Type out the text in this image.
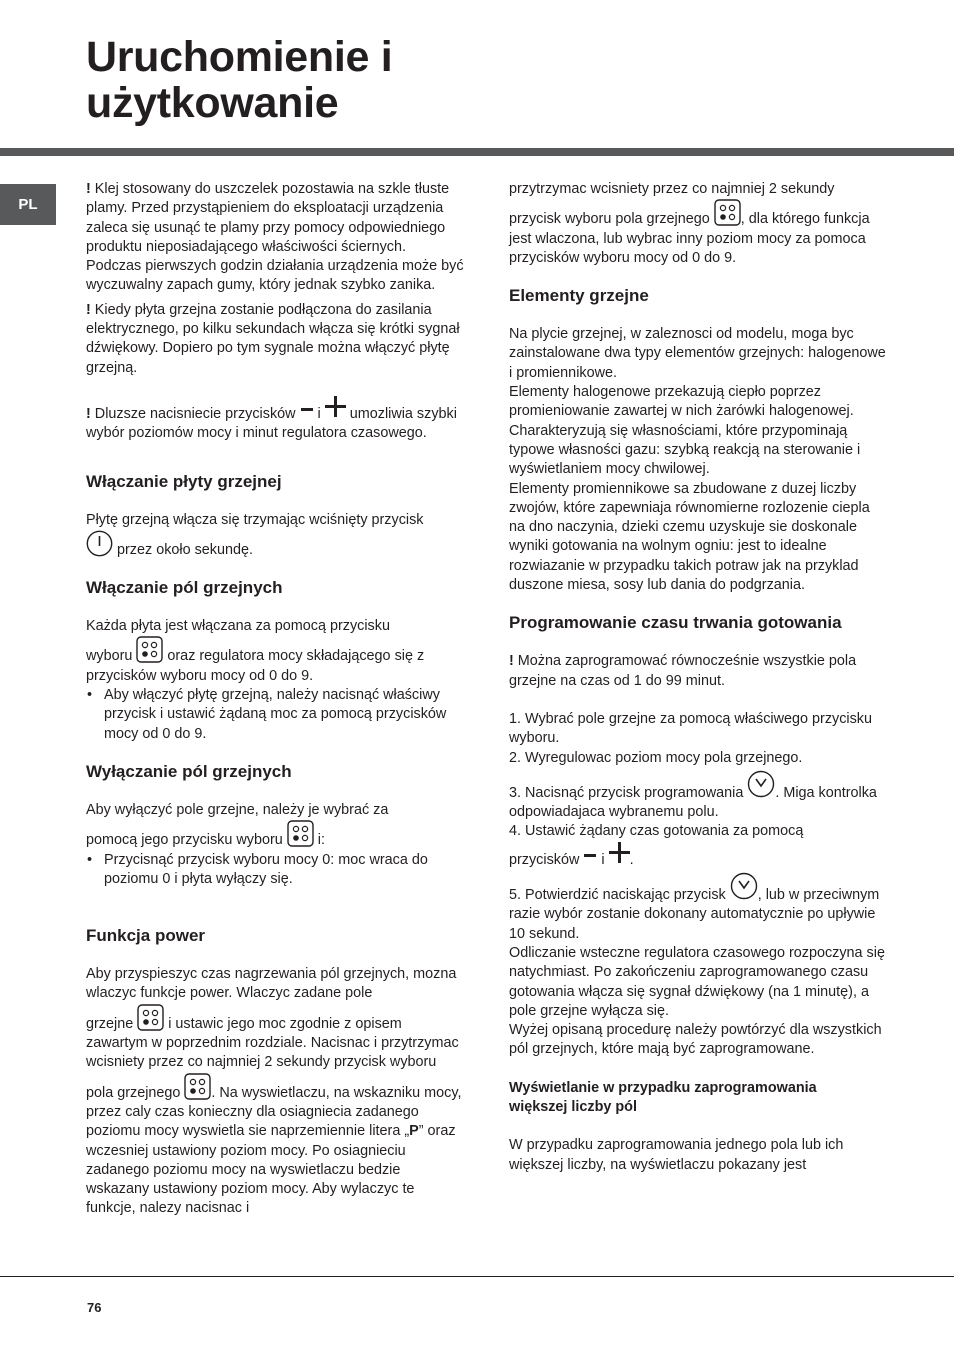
Uruchomienie i
użytkowanie
PL

! Klej stosowany do uszczelek pozostawia na szkle tłuste plamy. Przed przystąpieniem do eksploatacji urządzenia zaleca się usunąć te plamy przy pomocy odpowiedniego produktu nieposiadającego właściwości ściernych. Podczas pierwszych godzin działania urządzenia może być wyczuwalny zapach gumy, który jednak szybko zanika.

! Kiedy płyta grzejna zostanie podłączona do zasilania elektrycznego, po kilku sekundach włącza się krótki sygnał dźwiękowy. Dopiero po tym sygnale można włączyć płytę grzejną.

! Dluzsze nacisniecie przycisków i umozliwia szybki wybór poziomów mocy i minut regulatora czasowego.

Włączanie płyty grzejnej

Płytę grzejną włącza się trzymając wciśnięty przycisk
przez około sekundę.

Włączanie pól grzejnych

Każda płyta jest włączana za pomocą przycisku
wyboru oraz regulatora mocy składającego się z przycisków wyboru mocy od 0 do 9.

• Aby włączyć płytę grzejną, należy nacisnąć właściwy przycisk i ustawić żądaną moc za pomocą przycisków mocy od 0 do 9.
Wyłączanie pól grzejnych

Aby wyłączyć pole grzejne, należy je wybrać za
pomocą jego przycisku wyboru i:

• Przycisnąć przycisk wyboru mocy 0: moc wraca do poziomu 0 i płyta wyłączy się.
Funkcja power

Aby przyspieszyc czas nagrzewania pól grzejnych, mozna wlaczyc funkcje power. Wlaczyc zadane pole
grzejne i ustawic jego moc zgodnie z opisem zawartym w poprzednim rozdziale. Nacisnac i przytrzymac wcisniety przez co najmniej 2 sekundy przycisk wyboru pola grzejnego . Na wyswietlaczu, na wskazniku mocy, przez caly czas konieczny dla osiagniecia zadanego poziomu mocy wyswietla sie naprzemiennie litera „P” oraz wczesniej ustawiony poziom mocy. Po osiagnieciu zadanego poziomu mocy na wyswietlaczu bedzie wskazany ustawiony poziom mocy. Aby wylaczyc te funkcje, nalezy nacisnac i

przytrzymac wcisniety przez co najmniej 2 sekundy
przycisk wyboru pola grzejnego , dla którego funkcja jest wlaczona, lub wybrac inny poziom mocy za pomoca przycisków wyboru mocy od 0 do 9.

Elementy grzejne

Na plycie grzejnej, w zaleznosci od modelu, moga byc zainstalowane dwa typy elementów grzejnych: halogenowe i promiennikowe.

Elementy halogenowe przekazują ciepło poprzez promieniowanie zawartej w nich żarówki halogenowej. Charakteryzują się własnościami, które przypominają typowe własności gazu: szybką reakcją na sterowanie i wyświetlaniem mocy chwilowej.

Elementy promiennikowe sa zbudowane z duzej liczby zwojów, które zapewniaja równomierne rozlozenie ciepla na dno naczynia, dzieki czemu uzyskuje sie doskonale wyniki gotowania na wolnym ogniu: jest to idealne rozwiazanie w przypadku takich potraw jak na przyklad duszone miesa, sosy lub dania do podgrzania.

Programowanie czasu trwania gotowania

! Można zaprogramować równocześnie wszystkie pola grzejne na czas od 1 do 99 minut.

1. Wybrać pole grzejne za pomocą właściwego przycisku wyboru.

2. Wyregulowac poziom mocy pola grzejnego.

3. Nacisnąć przycisk programowania . Miga kontrolka odpowiadajaca wybranemu polu.

4. Ustawić żądany czas gotowania za pomocą
przycisków i .

5. Potwierdzić naciskając przycisk , lub w przeciwnym razie wybór zostanie dokonany automatycznie po upływie 10 sekund.

Odliczanie wsteczne regulatora czasowego rozpoczyna się natychmiast. Po zakończeniu zaprogramowanego czasu gotowania włącza się sygnał dźwiękowy (na 1 minutę), a pole grzejne wyłącza się.

Wyżej opisaną procedurę należy powtórzyć dla wszystkich pól grzejnych, które mają być zaprogramowane.

Wyświetlanie w przypadku zaprogramowania większej liczby pól

W przypadku zaprogramowania jednego pola lub ich większej liczby, na wyświetlaczu pokazany jest

76
